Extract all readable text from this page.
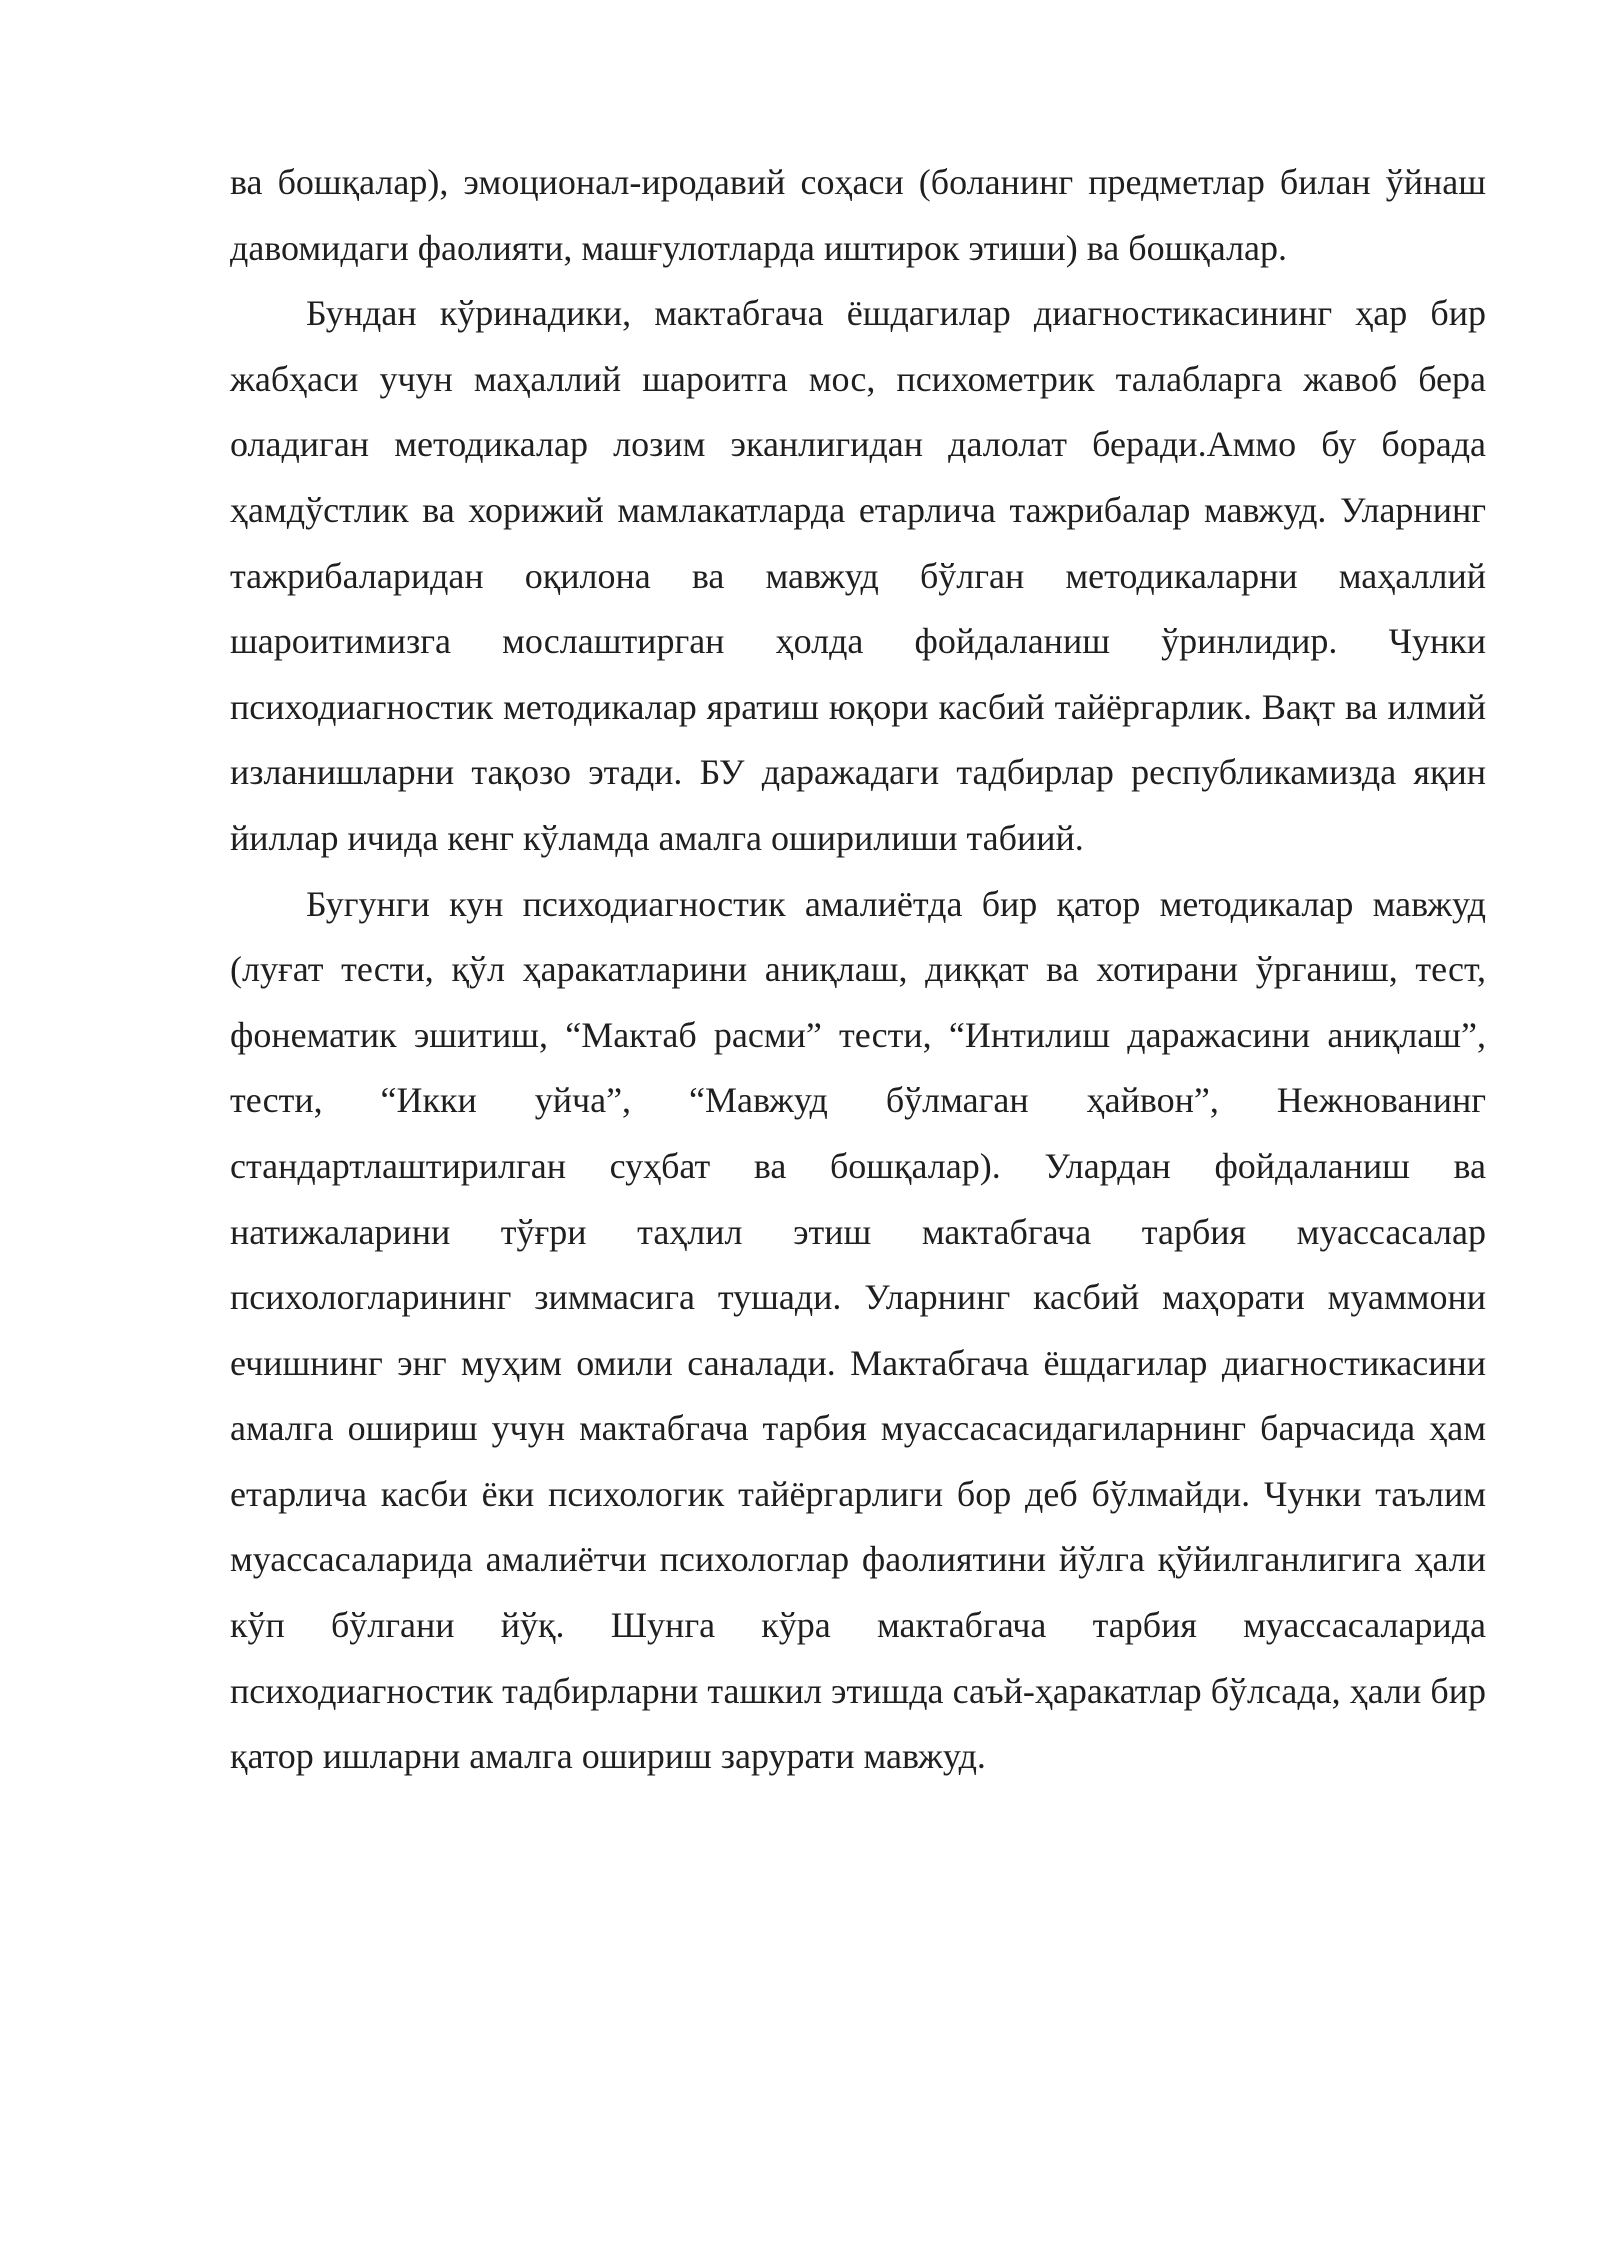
ва бошқалар), эмоционал-иродавий соҳаси (боланинг предметлар билан ўйнаш давомидаги фаолияти, машғулотларда иштирок этиши) ва бошқалар.

Бундан кўринадики, мактабгача ёшдагилар диагностикасининг ҳар бир жабҳаси учун маҳаллий шароитга мос, психометрик талабларга жавоб бера оладиган методикалар лозим эканлигидан далолат беради.Аммо бу борада ҳамдўстлик ва хорижий мамлакатларда етарлича тажрибалар мавжуд. Уларнинг тажрибаларидан оқилона ва мавжуд бўлган методикаларни маҳаллий шароитимизга мослаштирган ҳолда фойдаланиш ўринлидир. Чунки психодиагностик методикалар яратиш юқори касбий тайёргарлик. Вақт ва илмий изланишларни тақозо этади. БУ даражадаги тадбирлар республикамизда яқин йиллар ичида кенг кўламда амалга оширилиши табиий.

Бугунги кун психодиагностик амалиётда бир қатор методикалар мавжуд (луғат тести, қўл ҳаракатларини аниқлаш, диққат ва хотирани ўрганиш, тест, фонематик эшитиш, “Мактаб расми” тести, “Интилиш даражасини аниқлаш”, тести, “Икки уйча”, “Мавжуд бўлмаган ҳайвон”, Нежнованинг стандартлаштирилган суҳбат ва бошқалар). Улардан фойдаланиш ва натижаларини тўғри таҳлил этиш мактабгача тарбия муассасалар психологларининг зиммасига тушади. Уларнинг касбий маҳорати муаммони ечишнинг энг муҳим омили саналади. Мактабгача ёшдагилар диагностикасини амалга ошириш учун мактабгача тарбия муассасасидагиларнинг барчасида ҳам етарлича касби ёки психологик тайёргарлиги бор деб бўлмайди. Чунки таълим муассасаларида амалиётчи психологлар фаолиятини йўлга қўйилганлигига ҳали кўп бўлгани йўқ. Шунга кўра мактабгача тарбия муассасаларида психодиагностик тадбирларни ташкил этишда саъй-ҳаракатлар бўлсада, ҳали бир қатор ишларни амалга ошириш зарурати мавжуд.
